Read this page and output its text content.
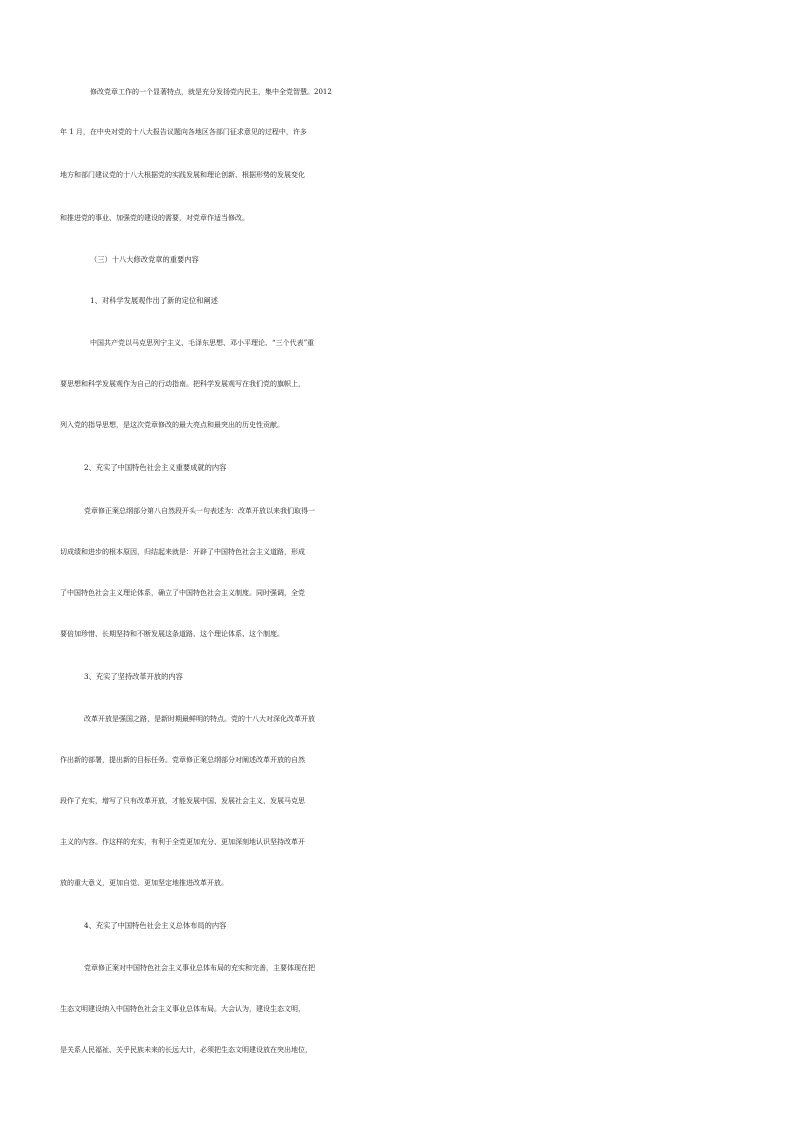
修改党章工作的一个显著特点，就是充分发扬党内民主，集中全党智慧。2012
年 1 月，在中央对党的十八大报告议题向各地区各部门征求意见的过程中，许多
地方和部门建议党的十八大根据党的实践发展和理论创新、根据形势的发展变化
和推进党的事业、加强党的建设的需要，对党章作适当修改。
（三）十八大修改党章的重要内容
1、对科学发展观作出了新的定位和阐述
中国共产党以马克思列宁主义、毛泽东思想、邓小平理论、“三个代表”重
要思想和科学发展观作为自己的行动指南。把科学发展观写在我们党的旗帜上，
列入党的指导思想，是这次党章修改的最大亮点和最突出的历史性贡献。
2、充实了中国特色社会主义重要成就的内容
党章修正案总纲部分第八自然段开头一句表述为：改革开放以来我们取得一
切成绩和进步的根本原因，归结起来就是：开辟了中国特色社会主义道路，形成
了中国特色社会主义理论体系，确立了中国特色社会主义制度。同时强调，全党
要倍加珍惜、长期坚持和不断发展这条道路、这个理论体系、这个制度。
3、充实了坚持改革开放的内容
改革开放是强国之路，是新时期最鲜明的特点。党的十八大对深化改革开放
作出新的部署，提出新的目标任务。党章修正案总纲部分对阐述改革开放的自然
段作了充实，增写了只有改革开放，才能发展中国、发展社会主义、发展马克思
主义的内容。作这样的充实，有利于全党更加充分、更加深刻地认识坚持改革开
放的重大意义，更加自觉、更加坚定地推进改革开放。
4、充实了中国特色社会主义总体布局的内容
党章修正案对中国特色社会主义事业总体布局的充实和完善，主要体现在把
生态文明建设纳入中国特色社会主义事业总体布局。大会认为，建设生态文明，
是关系人民福祉、关乎民族未来的长远大计，必须把生态文明建设放在突出地位，
